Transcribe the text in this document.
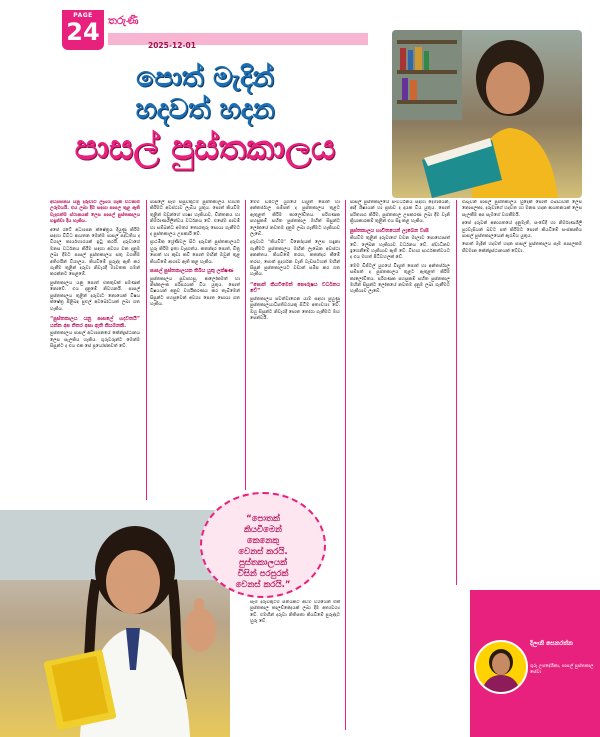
PAGE
24 තරුණී
2025-12-01
පොත් මැදින්
හදවත් හදන
පාසල් පුස්තකාලය

අධ්‍යාපනය යනු දරුවාට ලැබිය හැකි වටිනාම උරුමයයි. එය ලබා දීම සඳහා පාසල තුළ ඇති වැදගත්ම ස්ථානයක් ලෙස පාසල් පුස්තකාලය හඳුන්වා දිය හැකිය.

අපේ රටේ අධ්‍යාපන ක්ෂේත්‍රය දියුණු කිරීම සඳහා විවිධ ආයතන මෙන්ම පාසල් පද්ධතිය ද විශාල කාර්යභාරයක් ඉටු කරයි. දරුවාගේ මනස වර්ධනය කිරීම සඳහා අවශ්‍ය වන දැනුම ලබා දීමට පාසල් පුස්තකාලය සතු වගකීම අතිශයින් විශාලය. කියවීමේ පුරුද්ද ඇති කර ගැනීම තුළින් දරුවා නිවැරදි මාවතක ගමන් කරන්නට පෙළඹේ.

පුස්තකාලය යනු පොත් එකතුවක් පමණක් නොවේ. එය දැනුමේ නිවහනයි. පාසල් පුස්තකාලය තුළින් දරුවාට නොයෙක් විෂය ක්ෂේත්‍ර පිළිබඳ පුළුල් අවබෝධයක් ලබා ගත හැකිය.

“පුස්තකාලය යනු පාසලේ හදවතයි” යන්න අප නිතර අසා ඇති කියමනකි.

පුස්තකාලය පාසල් අධ්‍යාපනයේ කේන්ද්‍රස්ථානය ලෙස සැලකිය හැකිය. ගුරුවරුන්ට මෙන්ම සිසුන්ට ද එය එක සේ ප්‍රයෝජනවත් වේ.

පාසලේ සෑම සිසුවකුටම පුස්තකාලය භාවිත කිරීමට අවස්ථාව ලැබිය යුතුය. පොත් කියවීම තුළින් ඔවුන්ගේ භාෂා හැකියාව, චින්තනය හා නිර්මාණශීලීත්වය වර්ධනය වේ. එසේම පාඩම් හා සම්බන්ධ අමතර තොරතුරු සොයා ගැනීමට ද පුස්තකාලය උපකාරී වේ.

ප්‍රාථමික ශ්‍රේණිවල සිට දරුවන් පුස්තකාලයට හුරු කිරීම ඉතා වැදගත්ය. කතන්දර පොත්, චිත්‍ර පොත් හා කුඩා කවි පොත් මඟින් ඔවුන් තුළ කියවීමේ ආශාව ඇති කළ හැකිය.

පාසල් පුස්තකාලයක තිබිය යුතු ලක්ෂණ

පුස්තකාලය සුවපහසු, ආලෝකමත් හා නිස්කලංක පරිසරයක් විය යුතුය. පොත් විෂයයන් අනුව වර්ගීකරණය කර තැබීමෙන් සිසුන්ට පහසුවෙන් අවශ්‍ය පොත සොයා ගත හැකිය.

මෙම ඩිජිටල් යුගයේ විද්‍යුත් පොත් හා අන්තර්ජාල සම්පත් ද පුස්තකාලය තුළට ඇතුළත් කිරීම කාලෝචිතය. පරිගණක පහසුකම් සහිත පුස්තකාල මඟින් සිසුන්ට ලෝකයේ නවතම දැනුම ලබා ගැනීමට හැකියාව ලැබේ.

දරුවාට “කියවීම” විනෝදයක් ලෙස හඳුනා ගැනීමට පුස්තකාලය මඟින් ලැබෙන අවස්ථා අනන්තය. කියවීමේ තරඟ, කතන්දර කීමේ තරඟ, පොත් ප්‍රදර්ශන වැනි වැඩසටහන් මඟින් සිසුන් පුස්තකාලයට වඩාත් සමීප කර ගත හැකිය.

“පොත් කියවීමෙන් පෞරුෂය වර්ධනය වේ”

පුස්තකාලය පවත්වාගෙන යාම සඳහා පුහුණු පුස්තකාලයාධිපතිවරයකු සිටීම අත්‍යවශ්‍ය වේ. ඔහු සිසුන්ට නිවැරදි පොත තෝරා ගැනීමට මඟ පෙන්වයි.

සෑම දරුවකුටම සතියකට අවම වශයෙන් එක් පුස්තකාල කාලච්ඡේදයක් ලබා දීම අත්‍යවශ්‍ය වේ. එමඟින් දරුවා නිතිපතා කියවීමේ පුරුද්දට හුරු වේ.

පාසල් පුස්තකාලයේ සංවර්ධනය සඳහා දෙමාපියන්, ආදි ශිෂ්‍යයන් හා ප්‍රජාව ද දායක විය යුතුය. පොත් පරිත්‍යාග කිරීම, පුස්තකාල උපකරණ ලබා දීම වැනි ක්‍රියාකාරකම් තුළින් එය සිදු කළ හැකිය.

පුස්තකාලය භාවිතයෙන් ලැබෙන වාසි

කියවීම තුළින් දරුවාගේ වචන මාලාව පොහොසත් වේ. ලේඛන හැකියාව වර්ධනය වේ. ස්වාධීනව ඉගෙනීමේ හැකියාව ඇති වේ. විභාග සාර්ථකත්වයට ද එය මහත් පිටිවහලක් වේ.

මෙම ඩිජිටල් යුගයේ විද්‍යුත් පොත් හා අන්තර්ජාල සම්පත් ද පුස්තකාලය තුළට ඇතුළත් කිරීම කාලෝචිතය. පරිගණක පහසුකම් සහිත පුස්තකාල මඟින් සිසුන්ට ලෝකයේ නවතම දැනුම ලබා ගැනීමට හැකියාව ලැබේ.

එබැවින් පාසල් පුස්තකාලය හුදෙක් පොත් ගබඩාවක් ලෙස නොසලකා, දරුවාගේ හදවත හා මනස හදන ආයතනයක් ලෙස සැලකීම අප සැමගේ වගකීමයි.

අපේ දරුවන් අනාගතයේ දැනුමැති, සංවේදී හා නිර්මාණශීලී පුරවැසියන් බවට පත් කිරීමට පොත් කියවීමේ සංස්කෘතිය පාසල් පුස්තකාලයෙන් ඇරඹිය යුතුය.

පොත් මැදින් හදවත් හදන පාසල් පුස්තකාලය සෑම පාසලකම ජීවමාන කේන්ද්‍රස්ථානයක් වේවා.

“පොතක්
කියවීමෙන්
කෙනෙකු
වෙනස් කරයි.
පුස්තකාලයක්
විසින් පරපුරක්
වෙනස් කරයි.”
දිලානි සෙනරත්න
ගුරු උපදේශිකා, පාසල් පුස්තකාල සේවා
